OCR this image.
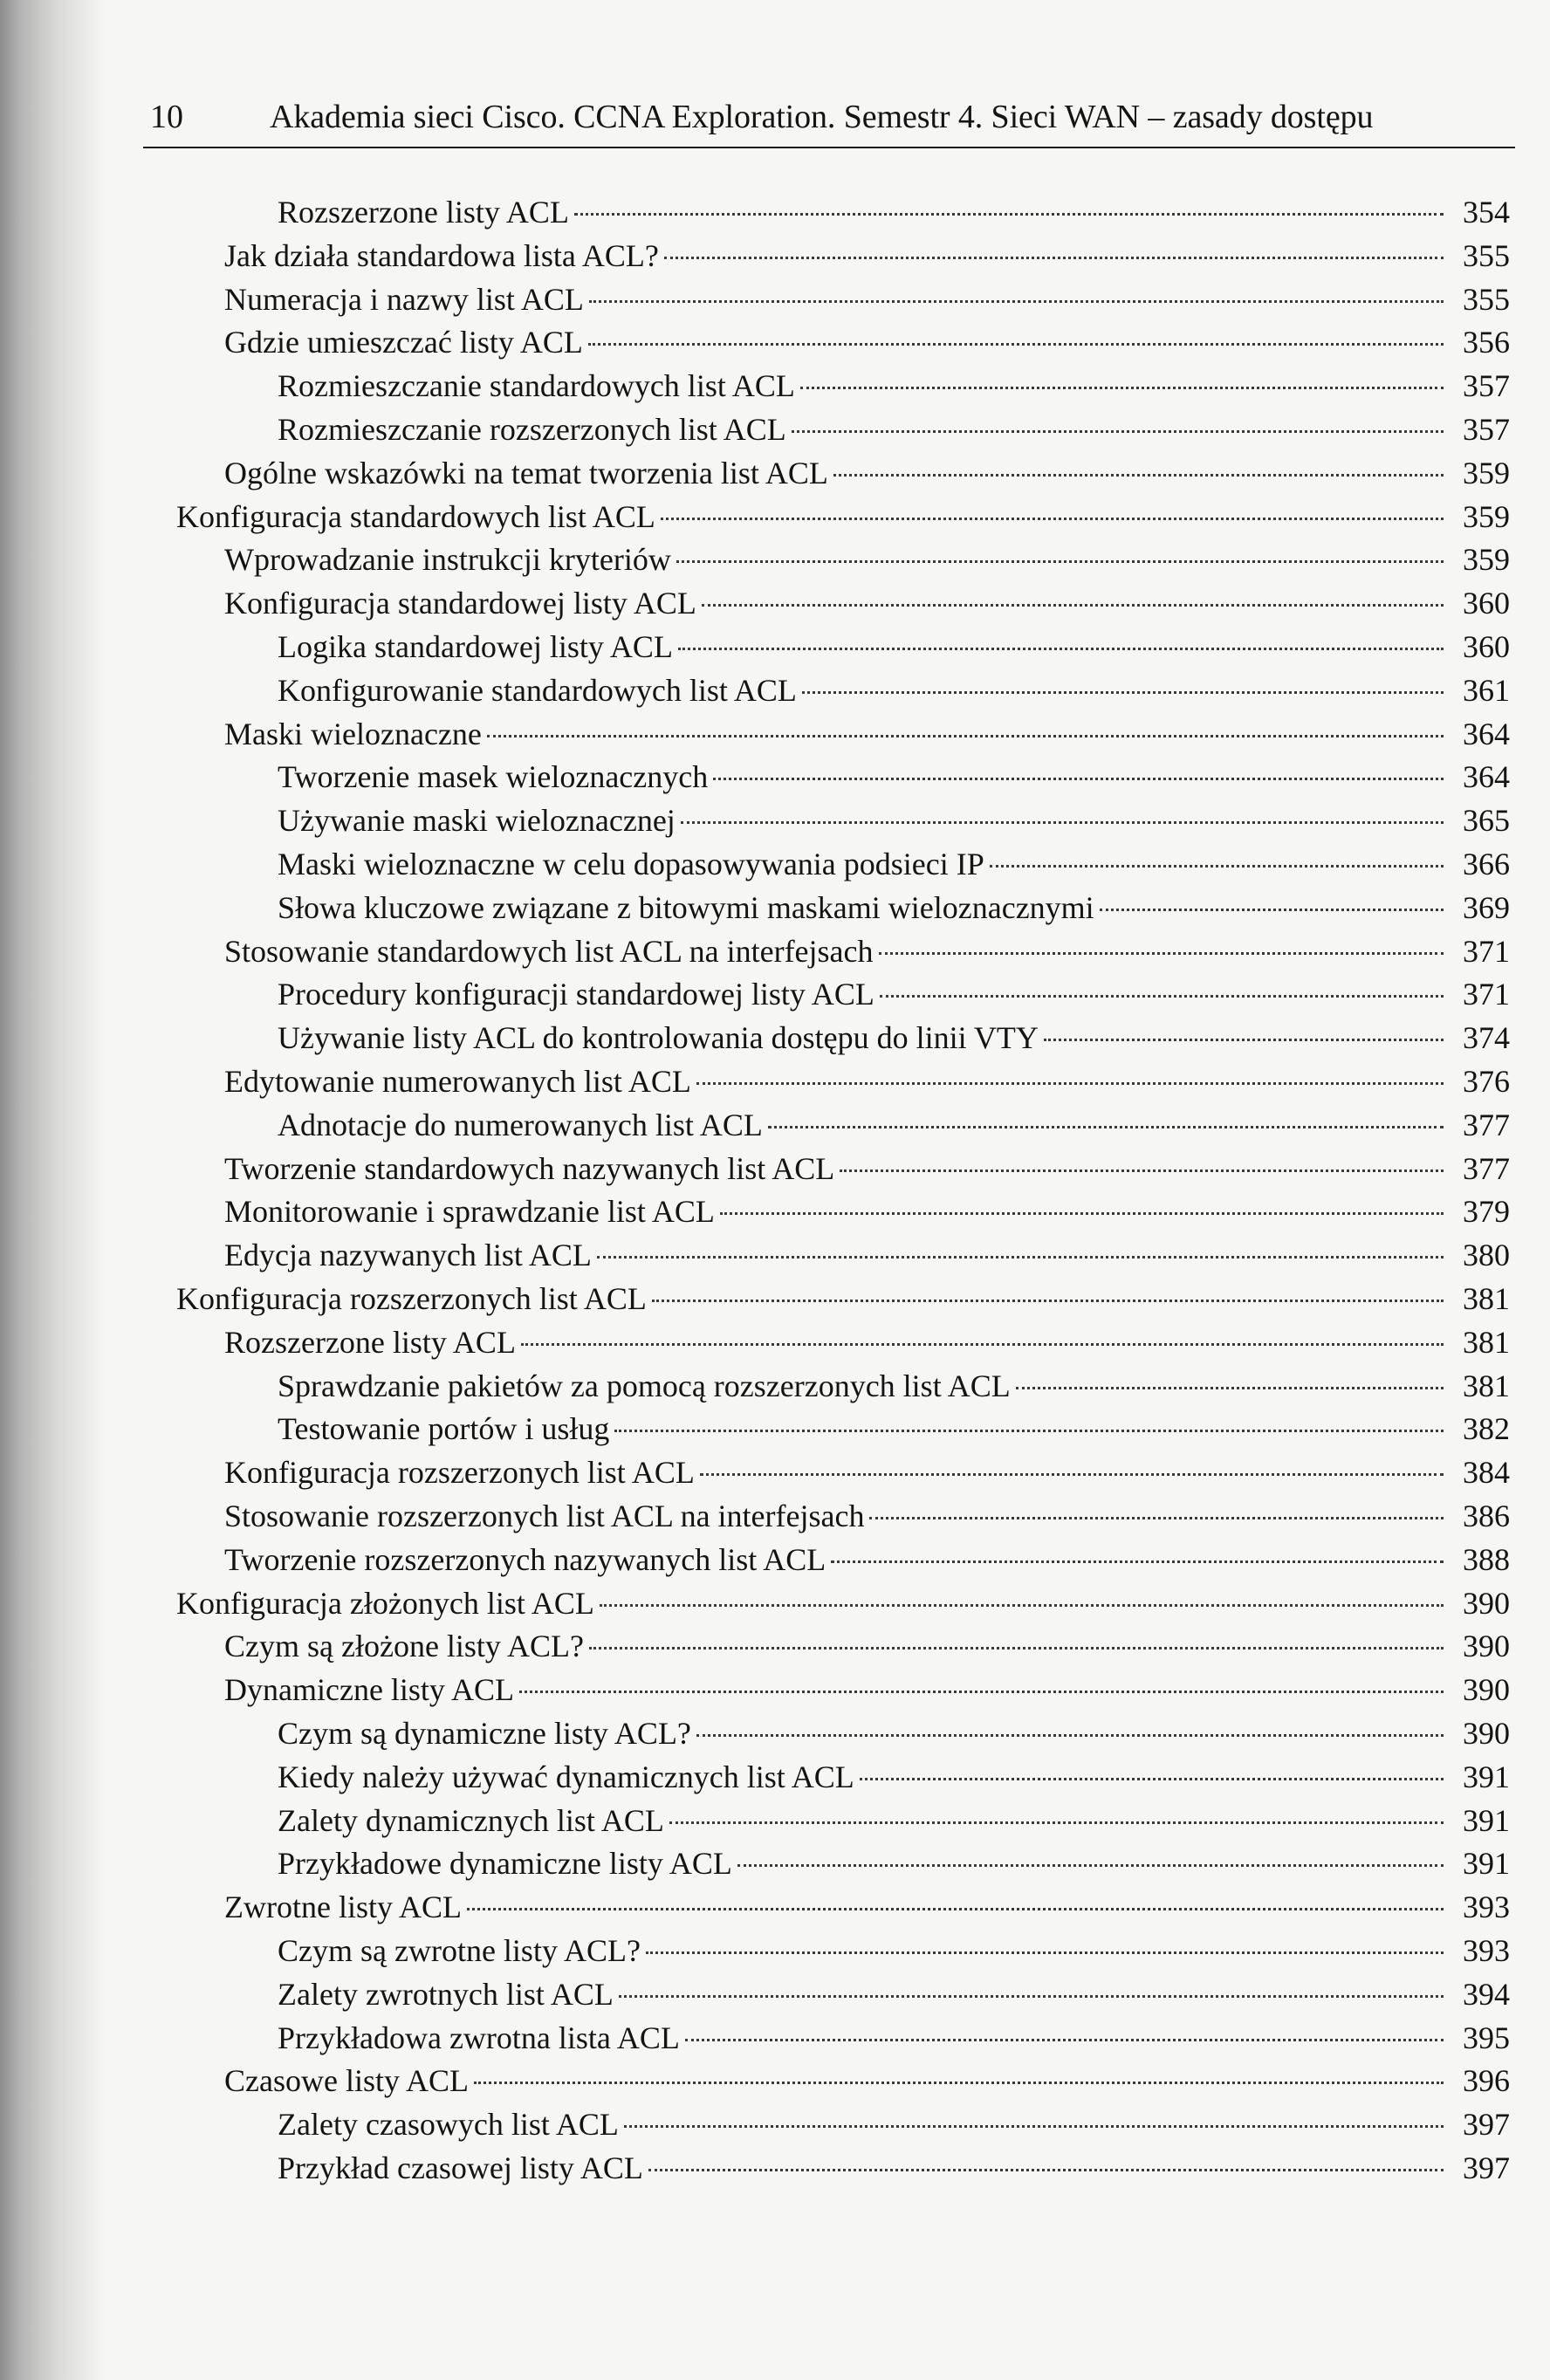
10	Akademia sieci Cisco. CCNA Exploration. Semestr 4. Sieci WAN – zasady dostępu
Rozszerzone listy ACL	354
Jak działa standardowa lista ACL?	355
Numeracja i nazwy list ACL	355
Gdzie umieszczać listy ACL	356
Rozmieszczanie standardowych list ACL	357
Rozmieszczanie rozszerzonych list ACL	357
Ogólne wskazówki na temat tworzenia list ACL	359
Konfiguracja standardowych list ACL	359
Wprowadzanie instrukcji kryteriów	359
Konfiguracja standardowej listy ACL	360
Logika standardowej listy ACL	360
Konfigurowanie standardowych list ACL	361
Maski wieloznaczne	364
Tworzenie masek wieloznacznych	364
Używanie maski wieloznacznej	365
Maski wieloznaczne w celu dopasowywania podsieci IP	366
Słowa kluczowe związane z bitowymi maskami wieloznacznymi	369
Stosowanie standardowych list ACL na interfejsach	371
Procedury konfiguracji standardowej listy ACL	371
Używanie listy ACL do kontrolowania dostępu do linii VTY	374
Edytowanie numerowanych list ACL	376
Adnotacje do numerowanych list ACL	377
Tworzenie standardowych nazywanych list ACL	377
Monitorowanie i sprawdzanie list ACL	379
Edycja nazywanych list ACL	380
Konfiguracja rozszerzonych list ACL	381
Rozszerzone listy ACL	381
Sprawdzanie pakietów za pomocą rozszerzonych list ACL	381
Testowanie portów i usług	382
Konfiguracja rozszerzonych list ACL	384
Stosowanie rozszerzonych list ACL na interfejsach	386
Tworzenie rozszerzonych nazywanych list ACL	388
Konfiguracja złożonych list ACL	390
Czym są złożone listy ACL?	390
Dynamiczne listy ACL	390
Czym są dynamiczne listy ACL?	390
Kiedy należy używać dynamicznych list ACL	391
Zalety dynamicznych list ACL	391
Przykładowe dynamiczne listy ACL	391
Zwrotne listy ACL	393
Czym są zwrotne listy ACL?	393
Zalety zwrotnych list ACL	394
Przykładowa zwrotna lista ACL	395
Czasowe listy ACL	396
Zalety czasowych list ACL	397
Przykład czasowej listy ACL	397
